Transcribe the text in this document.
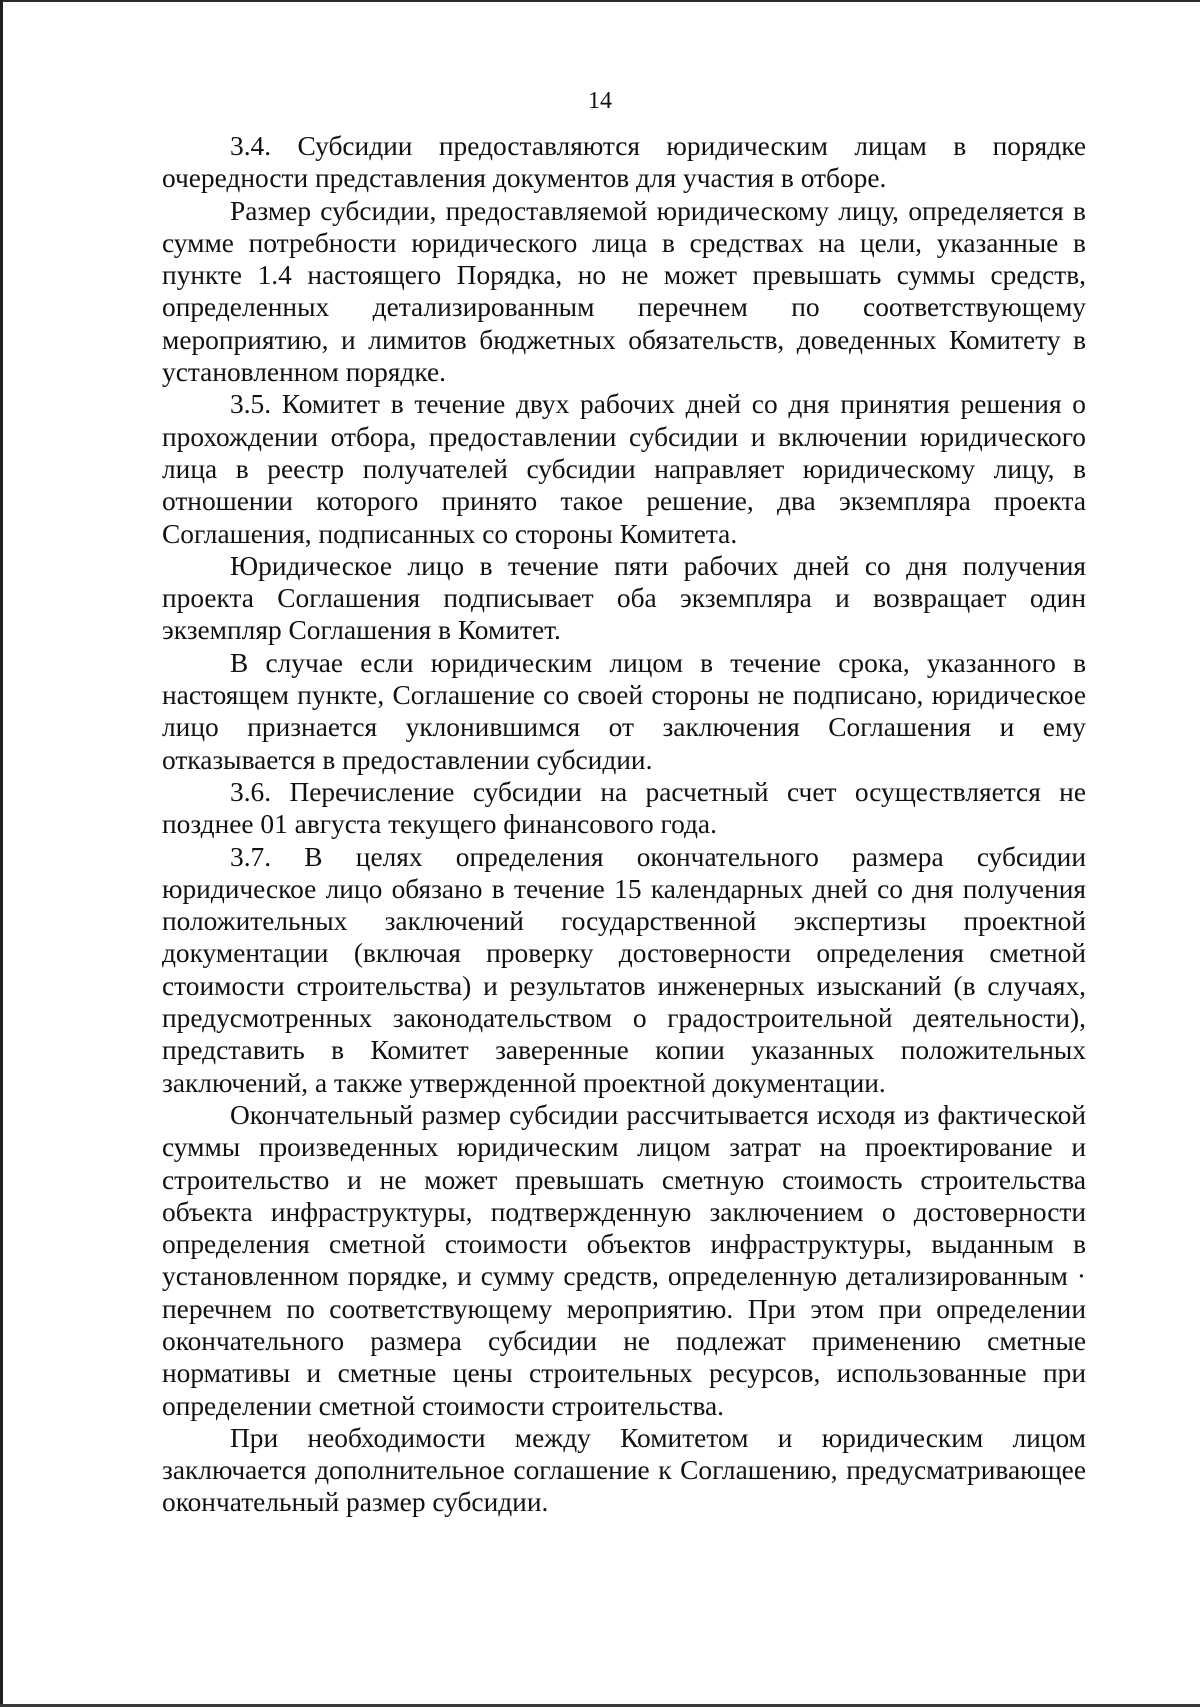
14

3.4. Субсидии предоставляются юридическим лицам в порядке очередности представления документов для участия в отборе.

Размер субсидии, предоставляемой юридическому лицу, определяется в сумме потребности юридического лица в средствах на цели, указанные в пункте 1.4 настоящего Порядка, но не может превышать суммы средств, определенных детализированным перечнем по соответствующему мероприятию, и лимитов бюджетных обязательств, доведенных Комитету в установленном порядке.

3.5. Комитет в течение двух рабочих дней со дня принятия решения о прохождении отбора, предоставлении субсидии и включении юридического лица в реестр получателей субсидии направляет юридическому лицу, в отношении которого принято такое решение, два экземпляра проекта Соглашения, подписанных со стороны Комитета.

Юридическое лицо в течение пяти рабочих дней со дня получения проекта Соглашения подписывает оба экземпляра и возвращает один экземпляр Соглашения в Комитет.

В случае если юридическим лицом в течение срока, указанного в настоящем пункте, Соглашение со своей стороны не подписано, юридическое лицо признается уклонившимся от заключения Соглашения и ему отказывается в предоставлении субсидии.

3.6. Перечисление субсидии на расчетный счет осуществляется не позднее 01 августа текущего финансового года.

3.7. В целях определения окончательного размера субсидии юридическое лицо обязано в течение 15 календарных дней со дня получения положительных заключений государственной экспертизы проектной документации (включая проверку достоверности определения сметной стоимости строительства) и результатов инженерных изысканий (в случаях, предусмотренных законодательством о градостроительной деятельности), представить в Комитет заверенные копии указанных положительных заключений, а также утвержденной проектной документации.

Окончательный размер субсидии рассчитывается исходя из фактической суммы произведенных юридическим лицом затрат на проектирование и строительство и не может превышать сметную стоимость строительства объекта инфраструктуры, подтвержденную заключением о достоверности определения сметной стоимости объектов инфраструктуры, выданным в установленном порядке, и сумму средств, определенную детализированным · перечнем по соответствующему мероприятию. При этом при определении окончательного размера субсидии не подлежат применению сметные нормативы и сметные цены строительных ресурсов, использованные при определении сметной стоимости строительства.

При необходимости между Комитетом и юридическим лицом заключается дополнительное соглашение к Соглашению, предусматривающее окончательный размер субсидии.
